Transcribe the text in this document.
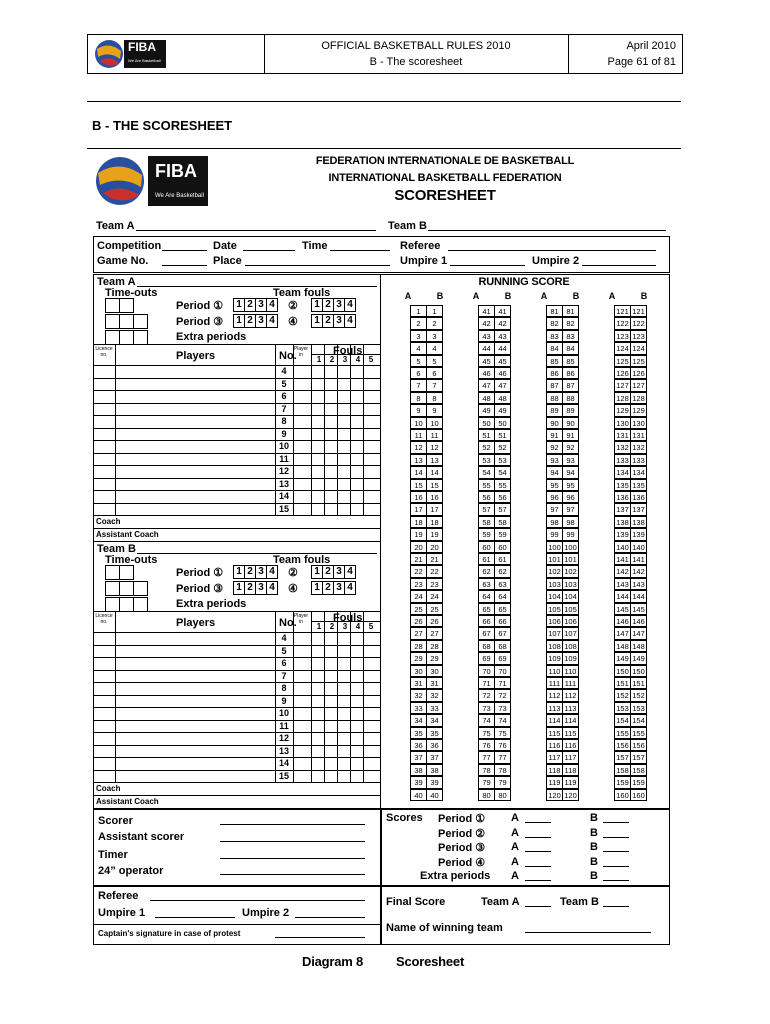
FIBA
We Are Basketball
OFFICIAL BASKETBALL RULES 2010
B - The scoresheet
April 2010
Page 61 of 81
B - THE SCORESHEET
FIBA
We Are Basketball
FEDERATION INTERNATIONALE DE BASKETBALL
INTERNATIONAL BASKETBALL FEDERATION
SCORESHEET
Team A	Team B
Competition	Date	Time	Referee
Game No.	Place	Umpire 1	Umpire 2
Team A
Time-outs	Team fouls
Period ①	1 2 3 4 ②	1 2 3 4
Period ③	1 2 3 4 ④	1 2 3 4
Extra periods
Licence no.	Players	No.
Player in	Fouls
1	2	3	4	5
4
5
6
7
8
9
10
11
12
13
14
15
Coach
Assistant Coach
Team B
Time-outs	Team fouls
Period ①	1 2 3 4 ②	1 2 3 4
Period ③	1 2 3 4 ④	1 2 3 4
Extra periods
Licence no.	Players	No.
Player in	Fouls
1	2	3	4	5
4
5
6
7
8
9
10
11
12
13
14
15
Coach
Assistant Coach
RUNNING SCORE
A	B
1	1
2	2
3	3
4	4
5	5
6	6
7	7
8	8
9	9
10	10
11	11
12	12
13	13
14	14
15	15
16	16
17	17
18	18
19	19
20	20
21	21
22	22
23	23
24	24
25	25
26	26
27	27
28	28
29	29
30	30
31	31
32	32
33	33
34	34
35	35
36	36
37	37
38	38
39	39
40	40
A	B
41	41
42	42
43	43
44	44
45	45
46	46
47	47
48	48
49	49
50	50
51	51
52	52
53	53
54	54
55	55
56	56
57	57
58	58
59	59
60	60
61	61
62	62
63	63
64	64
65	65
66	66
67	67
68	68
69	69
70	70
71	71
72	72
73	73
74	74
75	75
76	76
77	77
78	78
79	79
80	80
A	B
81	81
82	82
83	83
84	84
85	85
86	86
87	87
88	88
89	89
90	90
91	91
92	92
93	93
94	94
95	95
96	96
97	97
98	98
99	99
100 100
101 101
102 102
103 103
104 104
105 105
106 106
107 107
108 108
109 109
110 110
111 111
112 112
113 113
114 114
115 115
116 116
117 117
118 118
119 119
120 120
A	B
121 121
122 122
123 123
124 124
125 125
126 126
127 127
128 128
129 129
130 130
131 131
132 132
133 133
134 134
135 135
136 136
137 137
138 138
139 139
140 140
141 141
142 142
143 143
144 144
145 145
146 146
147 147
148 148
149 149
150 150
151 151
152 152
153 153
154 154
155 155
156 156
157 157
158 158
159 159
160 160
Scorer
Assistant scorer
Timer
24” operator
Referee
Umpire 1	Umpire 2
Captain's signature in case of protest
Scores Period ① A	B
Period ② A	B
Period ③ A	B
Period ④ A	B
Extra periods A	B
Final Score	Team A	Team B
Name of winning team
Diagram 8	Scoresheet
